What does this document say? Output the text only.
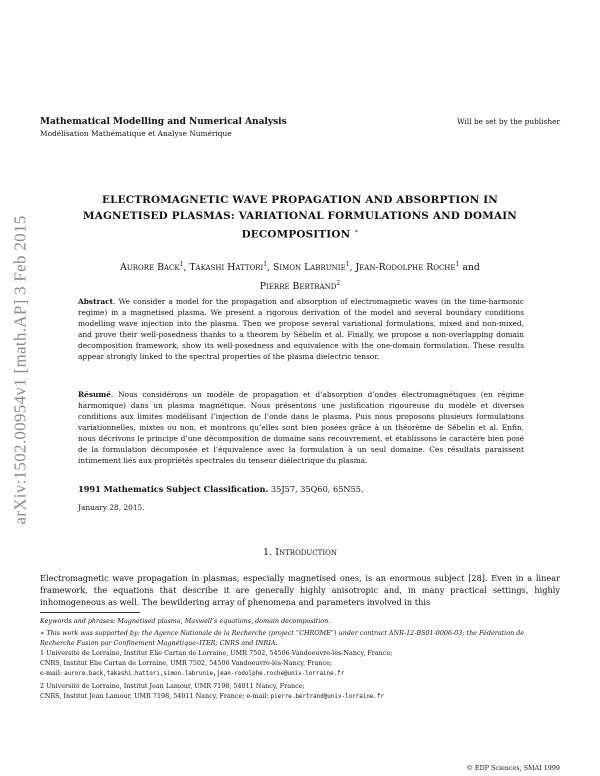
arXiv:1502.00954v1 [math.AP] 3 Feb 2015
Mathematical Modelling and Numerical Analysis
Modélisation Mathématique et Analyse Numérique
Will be set by the publisher
ELECTROMAGNETIC WAVE PROPAGATION AND ABSORPTION IN
MAGNETISED PLASMAS: VARIATIONAL FORMULATIONS AND DOMAIN
DECOMPOSITION ∗
Aurore Back$^1$, Takashi Hattori$^1$, Simon Labrunie$^1$, Jean-Rodolphe Roche$^1$ and
Pierre Bertrand$^2$
Abstract. We consider a model for the propagation and absorption of electromagnetic waves (in the time-harmonic regime) in a magnetised plasma. We present a rigorous derivation of the model and several boundary conditions modelling wave injection into the plasma. Then we propose several variational formulations, mixed and non-mixed, and prove their well-posedness thanks to a theorem by Sébelin et al. Finally, we propose a non-overlapping domain decomposition framework, show its well-posedness and equivalence with the one-domain formulation. These results appear strongly linked to the spectral properties of the plasma dielectric tensor.
Résumé. Nous considérons un modèle de propagation et d’absorption d’ondes électromagnétiques (en régime harmonique) dans un plasma magnétique. Nous présentons une justification rigoureuse du modèle et diverses conditions aux limites modélisant l’injection de l’onde dans le plasma. Puis nous proposons plusieurs formulations variationnelles, mixtes ou non, et montrons qu’elles sont bien posées grâce à un théorème de Sébelin et al. Enfin, nous décrivons le principe d’une décomposition de domaine sans recouvrement, et établissons le caractère bien posé de la formulation décomposée et l’équivalence avec la formulation à un seul domaine. Ces résultats paraissent intimement liés aux propriétés spectrales du tenseur diélectrique du plasma.
1991 Mathematics Subject Classification. 35J57, 35Q60, 65N55.
January 28, 2015.
1. Introduction
Electromagnetic wave propagation in plasmas, especially magnetised ones, is an enormous subject [28]. Even in a linear framework, the equations that describe it are generally highly anisotropic and, in many practical settings, highly inhomogeneous as well. The bewildering array of phenomena and parameters involved in this

Keywords and phrases: Magnetised plasma, Maxwell’s equations, domain decomposition.

∗ This work was supported by: the Agence Nationale de la Recherche (project “CHROME”) under contract ANR-12-BS01-0006-03; the Fédération de Recherche Fusion par Confinement Magnétique–ITER; CNRS and INRIA.

1 Université de Lorraine, Institut Elie Cartan de Lorraine, UMR 7502, 54506 Vandoeuvre-lès-Nancy, France;

CNRS, Institut Elie Cartan de Lorraine, UMR 7502, 54506 Vandoeuvre-lès-Nancy, France;

e-mail: aurore.back,takashi.hattori,simon.labrunie,jean-rodolphe.roche@univ-lorraine.fr

2 Université de Lorraine, Institut Jean Lamour, UMR 7198, 54011 Nancy, France;

CNRS, Institut Jean Lamour, UMR 7198, 54011 Nancy, France; e-mail: pierre.bertrand@univ-lorraine.fr

© EDP Sciences, SMAI 1999
